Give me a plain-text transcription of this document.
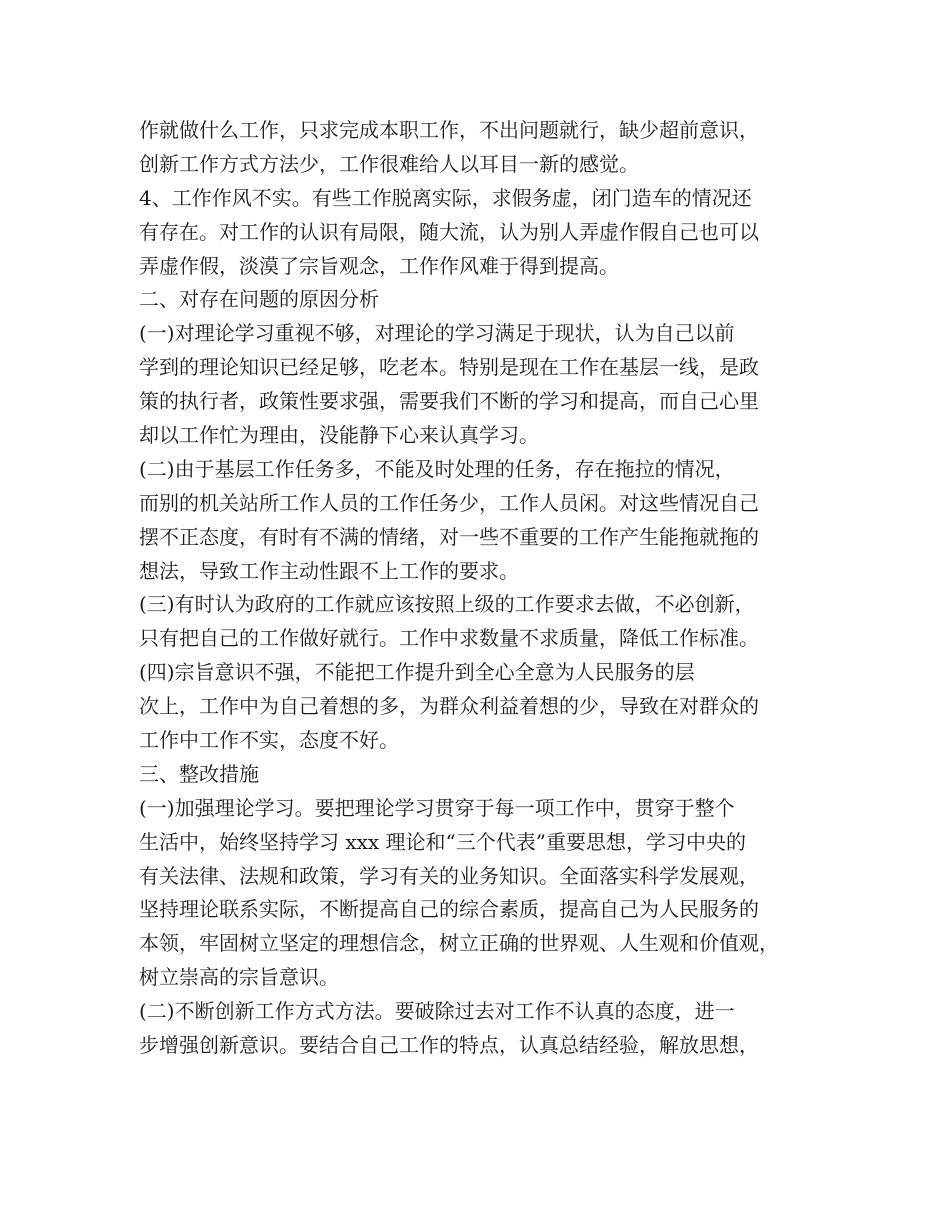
作就做什么工作，只求完成本职工作，不出问题就行，缺少超前意识，
创新工作方式方法少，工作很难给人以耳目一新的感觉。
4、工作作风不实。有些工作脱离实际，求假务虚，闭门造车的情况还
有存在。对工作的认识有局限，随大流，认为别人弄虚作假自己也可以
弄虚作假，淡漠了宗旨观念，工作作风难于得到提高。
二、对存在问题的原因分析
(一)对理论学习重视不够，对理论的学习满足于现状，认为自己以前
学到的理论知识已经足够，吃老本。特别是现在工作在基层一线，是政
策的执行者，政策性要求强，需要我们不断的学习和提高，而自己心里
却以工作忙为理由，没能静下心来认真学习。
(二)由于基层工作任务多，不能及时处理的任务，存在拖拉的情况，
而别的机关站所工作人员的工作任务少，工作人员闲。对这些情况自己
摆不正态度，有时有不满的情绪，对一些不重要的工作产生能拖就拖的
想法，导致工作主动性跟不上工作的要求。
(三)有时认为政府的工作就应该按照上级的工作要求去做，不必创新，
只有把自己的工作做好就行。工作中求数量不求质量，降低工作标准。
(四)宗旨意识不强，不能把工作提升到全心全意为人民服务的层
次上，工作中为自己着想的多，为群众利益着想的少，导致在对群众的
工作中工作不实，态度不好。
三、整改措施
(一)加强理论学习。要把理论学习贯穿于每一项工作中，贯穿于整个
生活中，始终坚持学习 xxx 理论和“三个代表”重要思想，学习中央的
有关法律、法规和政策，学习有关的业务知识。全面落实科学发展观，
坚持理论联系实际，不断提高自己的综合素质，提高自己为人民服务的
本领，牢固树立坚定的理想信念，树立正确的世界观、人生观和价值观，
树立崇高的宗旨意识。
(二)不断创新工作方式方法。要破除过去对工作不认真的态度，进一
步增强创新意识。要结合自己工作的特点，认真总结经验，解放思想，
